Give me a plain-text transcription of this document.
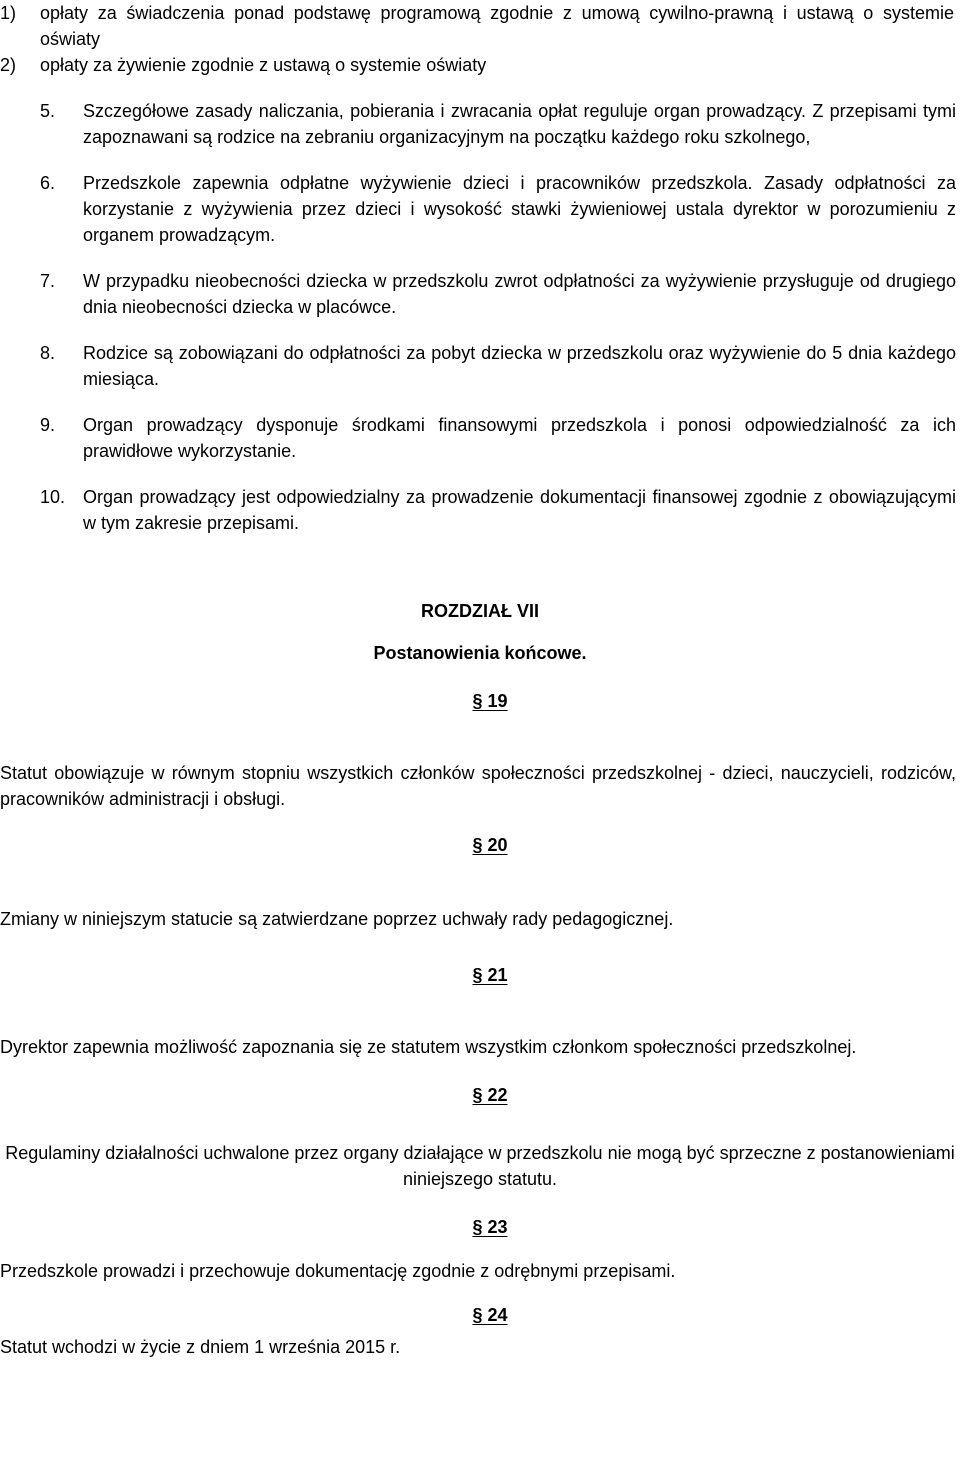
1) opłaty za świadczenia ponad podstawę programową zgodnie z umową cywilno-prawną i ustawą o systemie oświaty
2) opłaty za żywienie zgodnie z ustawą o systemie oświaty
5. Szczegółowe zasady naliczania, pobierania i zwracania opłat reguluje organ prowadzący. Z przepisami tymi zapoznawani są rodzice na zebraniu organizacyjnym na początku każdego roku szkolnego,
6. Przedszkole zapewnia odpłatne wyżywienie dzieci i pracowników przedszkola. Zasady odpłatności za korzystanie z wyżywienia przez dzieci i wysokość stawki żywieniowej ustala dyrektor w porozumieniu z organem prowadzącym.
7. W przypadku nieobecności dziecka w przedszkolu zwrot odpłatności za wyżywienie przysługuje od drugiego dnia nieobecności dziecka w placówce.
8. Rodzice są zobowiązani do odpłatności za pobyt dziecka w przedszkolu oraz wyżywienie do 5 dnia każdego miesiąca.
9. Organ prowadzący dysponuje środkami finansowymi przedszkola i ponosi odpowiedzialność za ich prawidłowe wykorzystanie.
10. Organ prowadzący jest odpowiedzialny za prowadzenie dokumentacji finansowej zgodnie z obowiązującymi w tym zakresie przepisami.
ROZDZIAŁ VII
Postanowienia końcowe.
§ 19
Statut obowiązuje w równym stopniu wszystkich członków społeczności przedszkolnej - dzieci, nauczycieli, rodziców, pracowników administracji i obsługi.
§ 20
Zmiany w niniejszym statucie są zatwierdzane poprzez uchwały rady pedagogicznej.
§ 21
Dyrektor zapewnia możliwość zapoznania się ze statutem wszystkim członkom społeczności przedszkolnej.
§ 22
Regulaminy działalności uchwalone przez organy działające w przedszkolu nie mogą być sprzeczne z postanowieniami niniejszego statutu.
§ 23
Przedszkole prowadzi i przechowuje dokumentację zgodnie z odrębnymi przepisami.
§ 24
Statut wchodzi w życie z dniem 1 września 2015 r.
